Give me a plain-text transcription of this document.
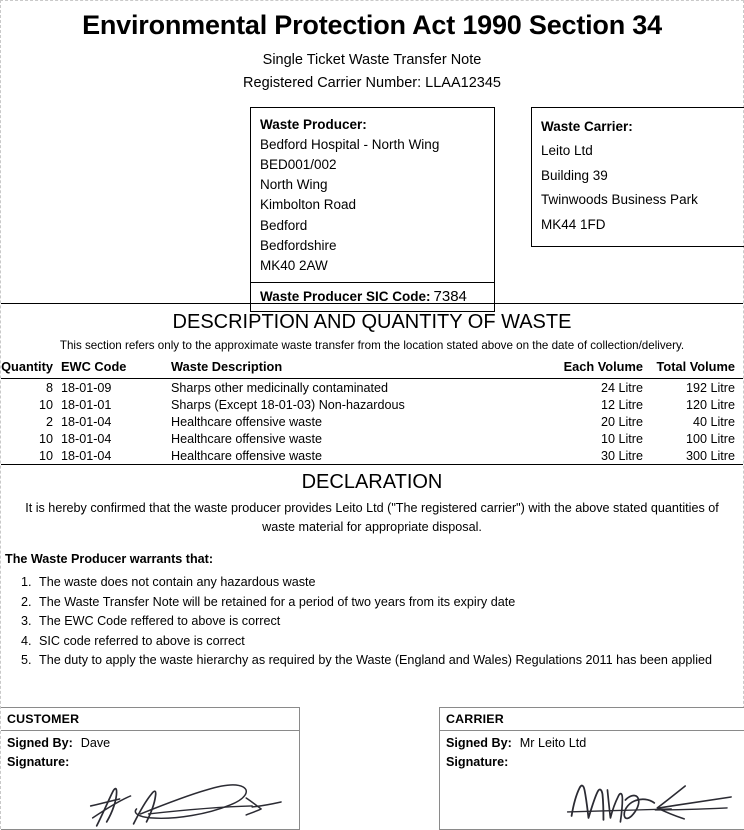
Environmental Protection Act 1990 Section 34
Single Ticket Waste Transfer Note
Registered Carrier Number: LLAA12345
Waste Producer:
Bedford Hospital - North Wing
BED001/002
North Wing
Kimbolton Road
Bedford
Bedfordshire
MK40 2AW
Waste Producer SIC Code: 7384
Waste Carrier:
Leito Ltd
Building 39
Twinwoods Business Park
MK44 1FD
DESCRIPTION AND QUANTITY OF WASTE
This section refers only to the approximate waste transfer from the location stated above on the date of collection/delivery.
Quantity	EWC Code	Waste Description	Each Volume	Total Volume
8	18-01-09	Sharps other medicinally contaminated	24 Litre	192 Litre
10	18-01-01	Sharps (Except 18-01-03) Non-hazardous	12 Litre	120 Litre
2	18-01-04	Healthcare offensive waste	20 Litre	40 Litre
10	18-01-04	Healthcare offensive waste	10 Litre	100 Litre
10	18-01-04	Healthcare offensive waste	30 Litre	300 Litre
DECLARATION
It is hereby confirmed that the waste producer provides Leito Ltd ("The registered carrier") with the above stated quantities of waste material for appropriate disposal.
The Waste Producer warrants that:
1. The waste does not contain any hazardous waste
2. The Waste Transfer Note will be retained for a period of two years from its expiry date
3. The EWC Code reffered to above is correct
4. SIC code referred to above is correct
5. The duty to apply the waste hierarchy as required by the Waste (England and Wales) Regulations 2011 has been applied
CUSTOMER
Signed By: Dave
Signature:
CARRIER
Signed By: Mr Leito Ltd
Signature:
